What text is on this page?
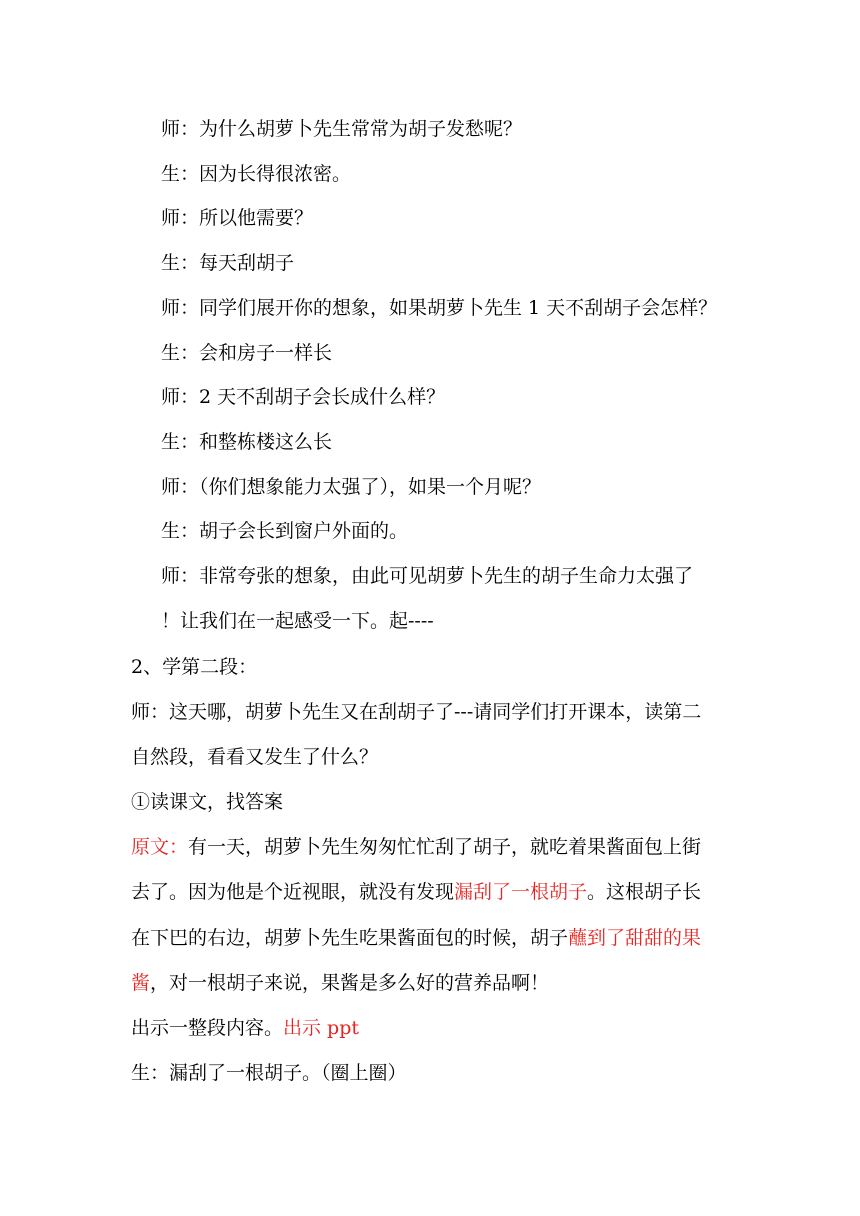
师：为什么胡萝卜先生常常为胡子发愁呢？
生：因为长得很浓密。
师：所以他需要？
生：每天刮胡子
师：同学们展开你的想象，如果胡萝卜先生 1 天不刮胡子会怎样？
生：会和房子一样长
师：2 天不刮胡子会长成什么样？
生：和整栋楼这么长
师：（你们想象能力太强了），如果一个月呢？
生：胡子会长到窗户外面的。
师：非常夸张的想象，由此可见胡萝卜先生的胡子生命力太强了
！让我们在一起感受一下。起----
2、学第二段：
师：这天哪，胡萝卜先生又在刮胡子了---请同学们打开课本，读第二
自然段，看看又发生了什么？
①读课文，找答案
原文：有一天，胡萝卜先生匆匆忙忙刮了胡子，就吃着果酱面包上街
去了。因为他是个近视眼，就没有发现漏刮了一根胡子。这根胡子长
在下巴的右边，胡萝卜先生吃果酱面包的时候，胡子蘸到了甜甜的果
酱，对一根胡子来说，果酱是多么好的营养品啊！
出示一整段内容。出示 ppt
生：漏刮了一根胡子。（圈上圈）
